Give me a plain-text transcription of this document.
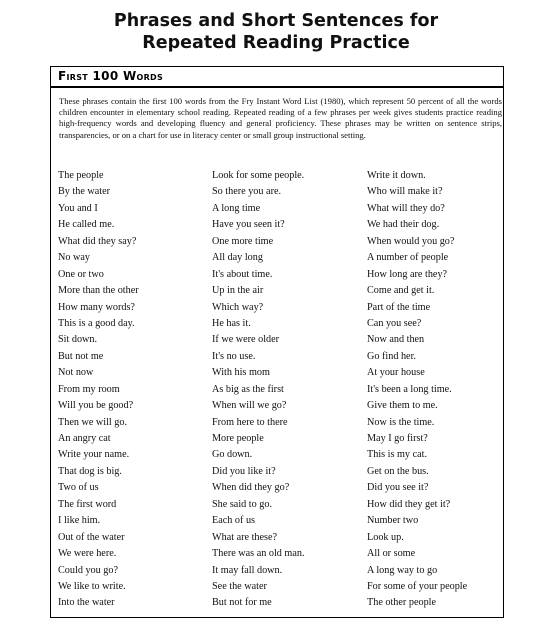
Phrases and Short Sentences for
Repeated Reading Practice
First 100 Words
These phrases contain the first 100 words from the Fry Instant Word List (1980), which represent 50 percent of all the words children encounter in elementary school reading. Repeated reading of a few phrases per week gives students practice reading high-frequency words and developing fluency and general proficiency. These phrases may be written on sentence strips, transparencies, or on a chart for use in literacy center or small group instructional setting.
The people
By the water
You and I
He called me.
What did they say?
No way
One or two
More than the other
How many words?
This is a good day.
Sit down.
But not me
Not now
From my room
Will you be good?
Then we will go.
An angry cat
Write your name.
That dog is big.
Two of us
The first word
I like him.
Out of the water
We were here.
Could you go?
We like to write.
Into the water
Look for some people.
So there you are.
A long time
Have you seen it?
One more time
All day long
It's about time.
Up in the air
Which way?
He has it.
If we were older
It's no use.
With his mom
As big as the first
When will we go?
From here to there
More people
Go down.
Did you like it?
When did they go?
She said to go.
Each of us
What are these?
There was an old man.
It may fall down.
See the water
But not for me
Write it down.
Who will make it?
What will they do?
We had their dog.
When would you go?
A number of people
How long are they?
Come and get it.
Part of the time
Can you see?
Now and then
Go find her.
At your house
It's been a long time.
Give them to me.
Now is the time.
May I go first?
This is my cat.
Get on the bus.
Did you see it?
How did they get it?
Number two
Look up.
All or some
A long way to go
For some of your people
The other people
